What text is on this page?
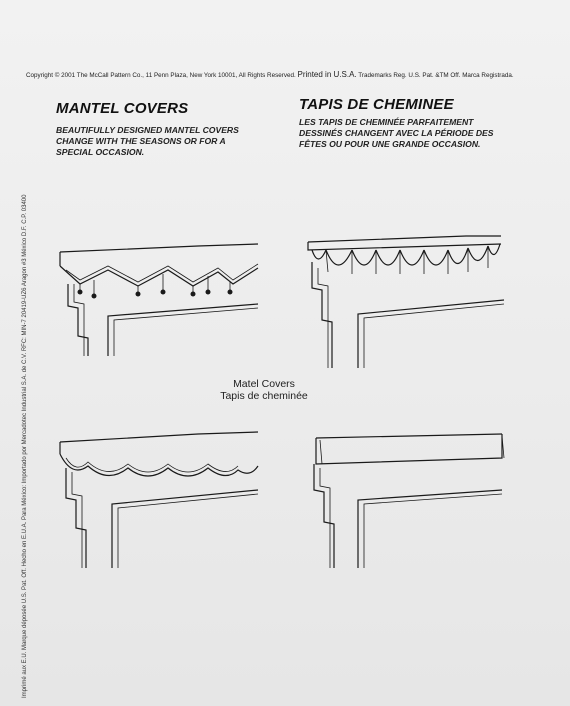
Copyright © 2001 The McCall Pattern Co., 11 Penn Plaza, New York 10001, All Rights Reserved. Printed in U.S.A. Trademarks Reg. U.S. Pat. &TM Off. Marca Registrada.
MANTEL COVERS
BEAUTIFULLY DESIGNED MANTEL COVERS CHANGE WITH THE SEASONS OR FOR A SPECIAL OCCASION.
TAPIS DE CHEMINEE
LES TAPIS DE CHEMINÉE PARFAITEMENT DESSINÉS CHANGENT AVEC LA PÉRIODE DES FÊTES OU POUR UNE GRANDE OCCASION.
Imprimé aux E.U. Marque déposée U.S. Pat. Off. Hecho en E.U.A. Para México: Importado por Mercadotec Industrial S.A. de C.V. RFC: MIN-7 20419-UZ6 Aragon #3 México D.F. C.P. 03400	Matel Covers
Tapis de cheminée
